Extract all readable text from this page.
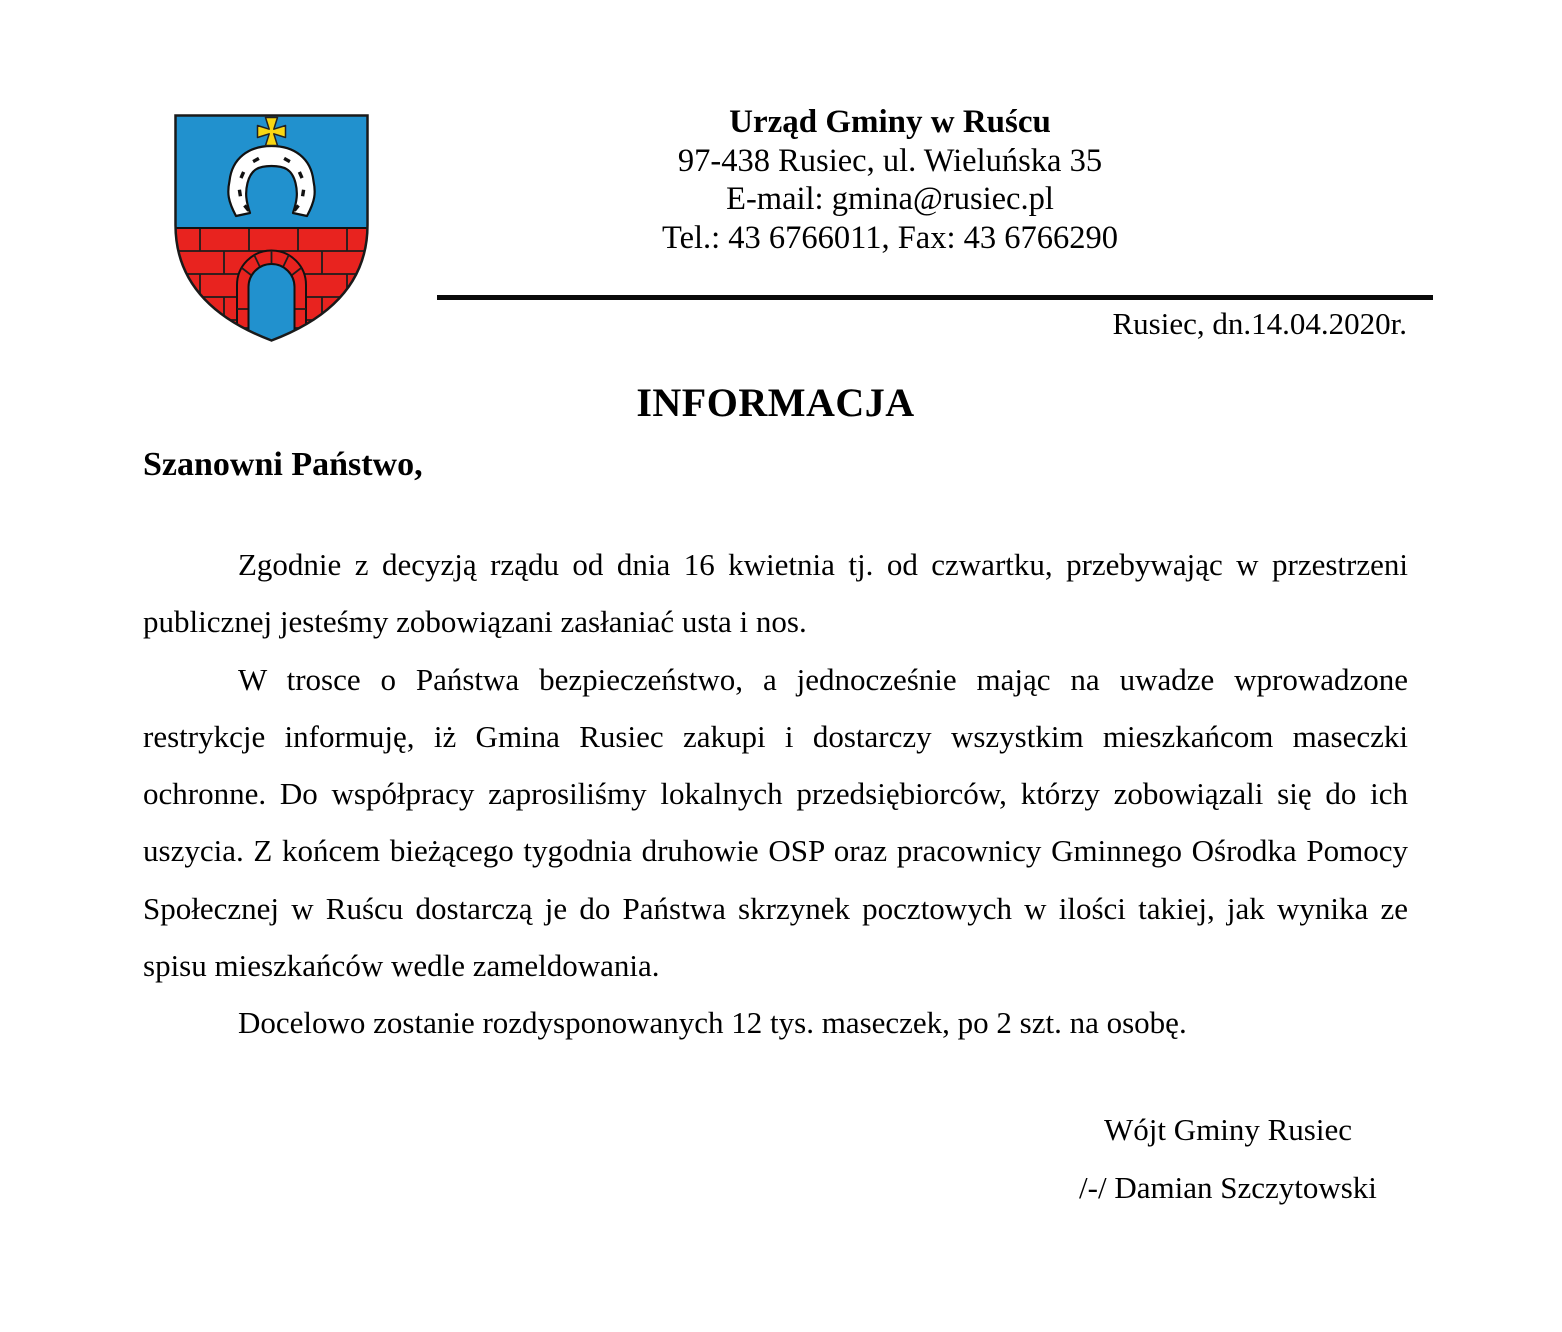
Urząd Gminy w Ruścu
97-438 Rusiec, ul. Wieluńska 35
E-mail: gmina@rusiec.pl
Tel.: 43 6766011, Fax: 43 6766290
Rusiec, dn.14.04.2020r.
INFORMACJA
Szanowni Państwo,

Zgodnie z decyzją rządu od dnia 16 kwietnia tj. od czwartku, przebywając w przestrzeni publicznej jesteśmy zobowiązani zasłaniać usta i nos.

W trosce o Państwa bezpieczeństwo, a jednocześnie mając na uwadze wprowadzone restrykcje informuję, iż Gmina Rusiec zakupi i dostarczy wszystkim mieszkańcom maseczki ochronne. Do współpracy zaprosiliśmy lokalnych przedsiębiorców, którzy zobowiązali się do ich uszycia. Z końcem bieżącego tygodnia druhowie OSP oraz pracownicy Gminnego Ośrodka Pomocy Społecznej w Ruścu dostarczą je do Państwa skrzynek pocztowych w ilości takiej, jak wynika ze spisu mieszkańców wedle zameldowania.

Docelowo zostanie rozdysponowanych 12 tys. maseczek, po 2 szt. na osobę.

Wójt Gminy Rusiec
/-/ Damian Szczytowski
